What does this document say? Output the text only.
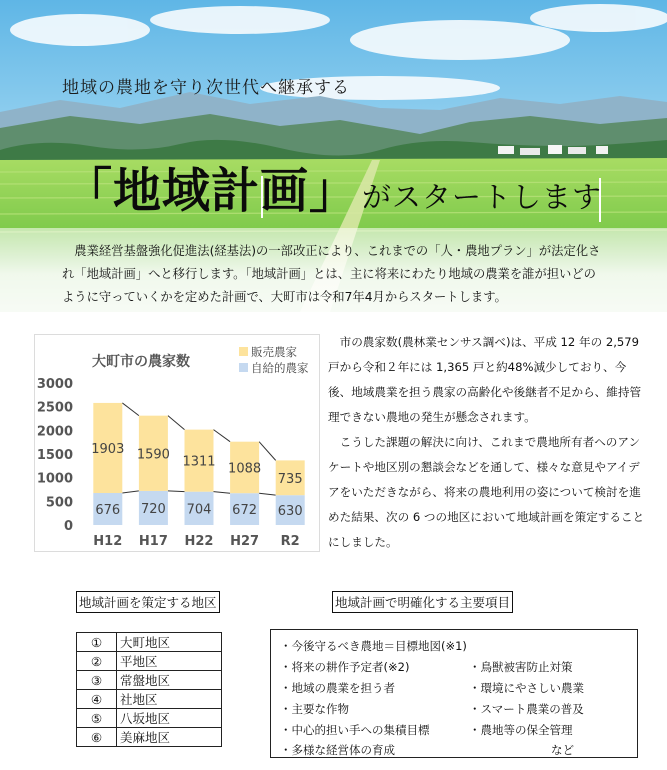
地域の農地を守り次世代へ継承する
「地域計画」 がスタートします
農業経営基盤強化促進法(経基法)の一部改正により、これまでの「人・農地プラン」が法定化され「地域計画」へと移行します。「地域計画」とは、主に将来にわたり地域の農業を誰が担いどのように守っていくかを定めた計画で、大町市は令和7年4月からスタートします。
大町市の農家数
販売農家
自給的農家
0
500
1000
1500
2000
2500
3000
1903
676
1590
720
1311
704
1088
672
735
630
H12 H17 H22 H27 R2

市の農家数(農林業センサス調べ)は、平成 12 年の 2,579 戸から令和２年には 1,365 戸と約48%減少しており、今後、地域農業を担う農家の高齢化や後継者不足から、維持管理できない農地の発生が懸念されます。

こうした課題の解決に向け、これまで農地所有者へのアンケートや地区別の懇談会などを通して、様々な意見やアイデアをいただきながら、将来の農地利用の姿について検討を進めた結果、次の 6 つの地区において地域計画を策定することにしました。

地域計画を策定する地区	地域計画で明確化する主要項目
①	大町地区
②	平地区
③	常盤地区
④	社地区
⑤	八坂地区
⑥	美麻地区
・今後守るべき農地＝目標地図(※1)
・将来の耕作予定者(※2)
・地域の農業を担う者
・主要な作物
・中心的担い手への集積目標
・多様な経営体の育成
・鳥獣被害防止対策
・環境にやさしい農業
・スマート農業の普及
・農地等の保全管理
など
